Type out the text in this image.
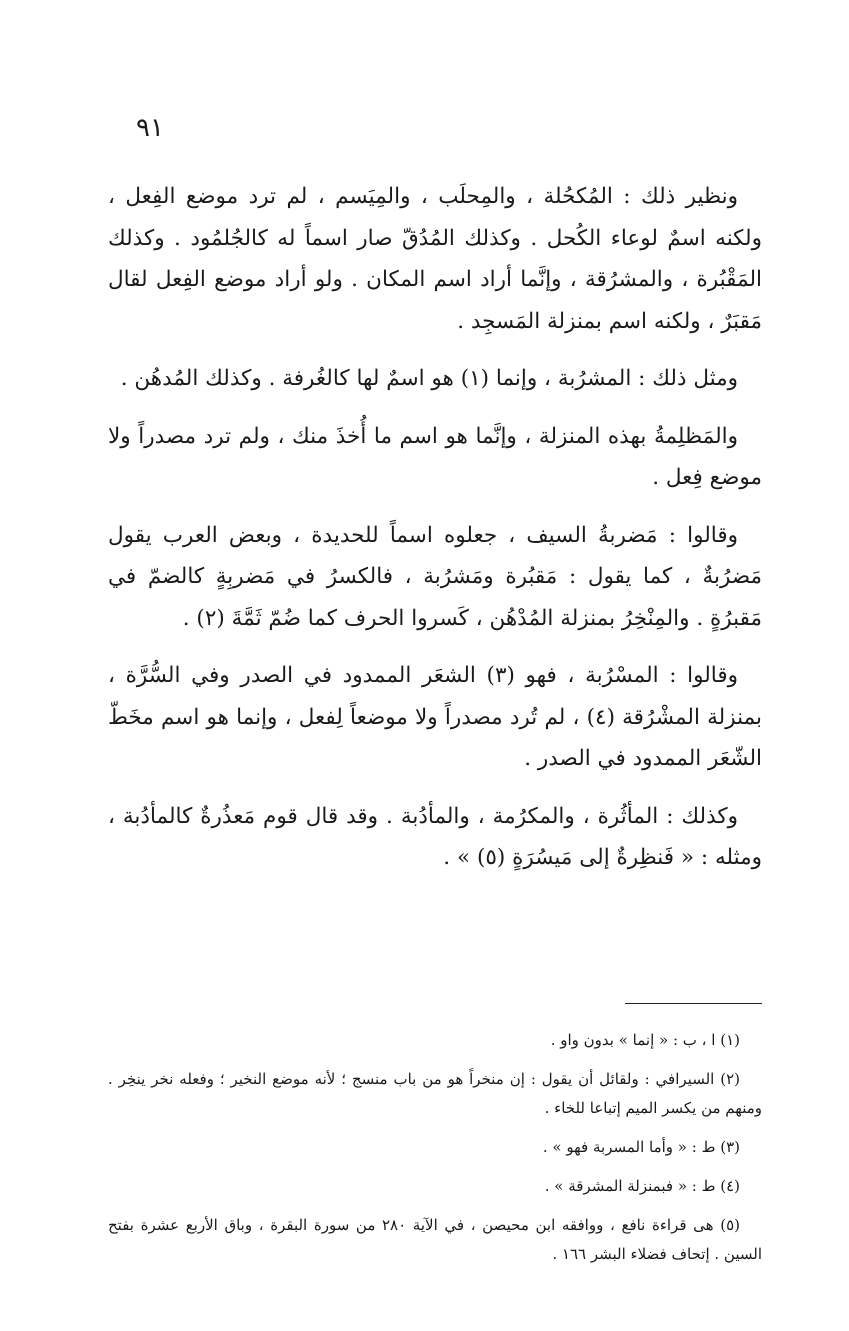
٩١

ونظير ذلك : المُكحُلة ، والمِحلَب ، والمِيَسم ، لم ترد موضع الفِعل ، ولكنه اسمٌ لوعاء الكُحل . وكذلك المُدُقّ صار اسماً له كالجُلمُود . وكذلك المَقْبُرة ، والمشرُقة ، وإنَّما أراد اسم المكان . ولو أراد موضع الفِعل لقال مَقبَرٌ ، ولكنه اسم بمنزلة المَسجِد .

ومثل ذلك : المشرُبة ، وإنما (١) هو اسمٌ لها كالغُرفة . وكذلك المُدهُن .

والمَظلِمةُ بهذه المنزلة ، وإنَّما هو اسم ما أُخذَ منك ، ولم ترد مصدراً ولا موضع فِعل .

وقالوا : مَضربةُ السيف ، جعلوه اسماً للحديدة ، وبعض العرب يقول مَضرُبةٌ ، كما يقول : مَقبُرة ومَشرُبة ، فالكسرُ في مَضربِةٍ كالضمّ في مَقبرُةٍ . والمِنْخِرُ بمنزلة المُدْهُن ، كَسروا الحرف كما ضُمّ ثَمَّةَ (٢) .

وقالوا : المسْرُبة ، فهو (٣) الشعَر الممدود في الصدر وفي السُّرَّة ، بمنزلة المشْرُقة (٤) ، لم تُرد مصدراً ولا موضعاً لِفعل ، وإنما هو اسم مخَطّ الشّعَر الممدود في الصدر .

وكذلك : المأثُرة ، والمكرُمة ، والمأدُبة . وقد قال قوم مَعذُرةٌ كالمأدُبة ، ومثله : « فَنظِرةٌ إلى مَيسُرَةٍ (٥) » .

(١) ا ، ب : « إنما » بدون واو .

(٢) السيرافي : ولقائل أن يقول : إن منخراً هو من باب منسج ؛ لأنه موضع النخير ؛ وفعله نخر ينخِر . ومنهم من يكسر الميم إتباعا للخاء .

(٣) ط : « وأما المسربة فهو » .

(٤) ط : « فبمنزلة المشرقة » .

(٥) هى قراءة نافع ، ووافقه ابن محيصن ، في الآية ٢٨٠ من سورة البقرة ، وباق الأربع عشرة بفتح السين . إتحاف فضلاء البشر ١٦٦ .
